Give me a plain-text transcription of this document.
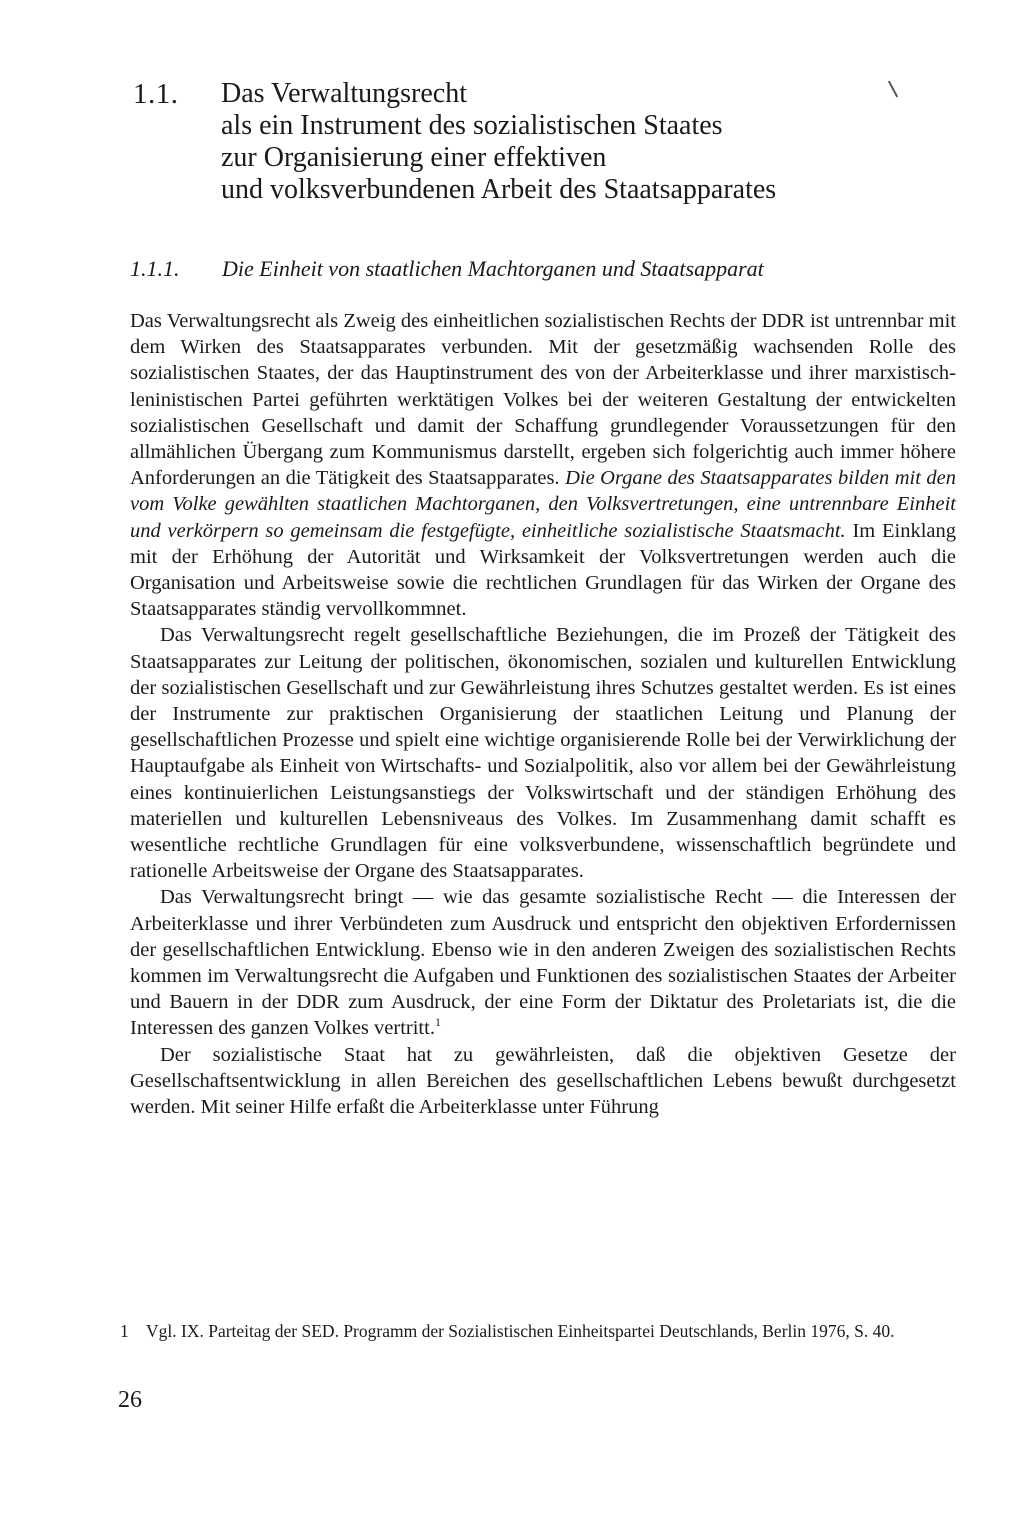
1.1.	Das Verwaltungsrecht
als ein Instrument des sozialistischen Staates
zur Organisierung einer effektiven
und volksverbundenen Arbeit des Staatsapparates
1.1.1.	Die Einheit von staatlichen Machtorganen und Staatsapparat

Das Verwaltungsrecht als Zweig des einheitlichen sozialistischen Rechts der DDR ist untrennbar mit dem Wirken des Staatsapparates verbunden. Mit der gesetzmäßig wachsenden Rolle des sozialistischen Staates, der das Hauptinstrument des von der Arbeiterklasse und ihrer marxistisch-leninistischen Partei geführten werktätigen Volkes bei der weiteren Gestaltung der entwickelten sozialistischen Gesellschaft und damit der Schaffung grundlegender Voraussetzungen für den allmählichen Übergang zum Kommunismus darstellt, ergeben sich folgerichtig auch immer höhere Anforderungen an die Tätigkeit des Staatsapparates. Die Organe des Staatsapparates bilden mit den vom Volke gewählten staatlichen Machtorganen, den Volksvertretungen, eine untrennbare Einheit und verkörpern so gemeinsam die festgefügte, einheitliche sozialistische Staatsmacht. Im Einklang mit der Erhöhung der Autorität und Wirksamkeit der Volksvertretungen werden auch die Organisation und Arbeitsweise sowie die rechtlichen Grundlagen für das Wirken der Organe des Staatsapparates ständig vervollkommnet.

Das Verwaltungsrecht regelt gesellschaftliche Beziehungen, die im Prozeß der Tätigkeit des Staatsapparates zur Leitung der politischen, ökonomischen, sozialen und kulturellen Entwicklung der sozialistischen Gesellschaft und zur Gewährleistung ihres Schutzes gestaltet werden. Es ist eines der Instrumente zur praktischen Organisierung der staatlichen Leitung und Planung der gesellschaftlichen Prozesse und spielt eine wichtige organisierende Rolle bei der Verwirklichung der Hauptaufgabe als Einheit von Wirtschafts- und Sozialpolitik, also vor allem bei der Gewährleistung eines kontinuierlichen Leistungsanstiegs der Volkswirtschaft und der ständigen Erhöhung des materiellen und kulturellen Lebensniveaus des Volkes. Im Zusammenhang damit schafft es wesentliche rechtliche Grundlagen für eine volksverbundene, wissenschaftlich begründete und rationelle Arbeitsweise der Organe des Staatsapparates.

Das Verwaltungsrecht bringt — wie das gesamte sozialistische Recht — die Interessen der Arbeiterklasse und ihrer Verbündeten zum Ausdruck und entspricht den objektiven Erfordernissen der gesellschaftlichen Entwicklung. Ebenso wie in den anderen Zweigen des sozialistischen Rechts kommen im Verwaltungsrecht die Aufgaben und Funktionen des sozialistischen Staates der Arbeiter und Bauern in der DDR zum Ausdruck, der eine Form der Diktatur des Proletariats ist, die die Interessen des ganzen Volkes vertritt.$^1$

Der sozialistische Staat hat zu gewährleisten, daß die objektiven Gesetze der Gesellschaftsentwicklung in allen Bereichen des gesellschaftlichen Lebens bewußt durchgesetzt werden. Mit seiner Hilfe erfaßt die Arbeiterklasse unter Führung

1 Vgl. IX. Parteitag der SED. Programm der Sozialistischen Einheitspartei Deutschlands, Berlin 1976, S. 40.
26
